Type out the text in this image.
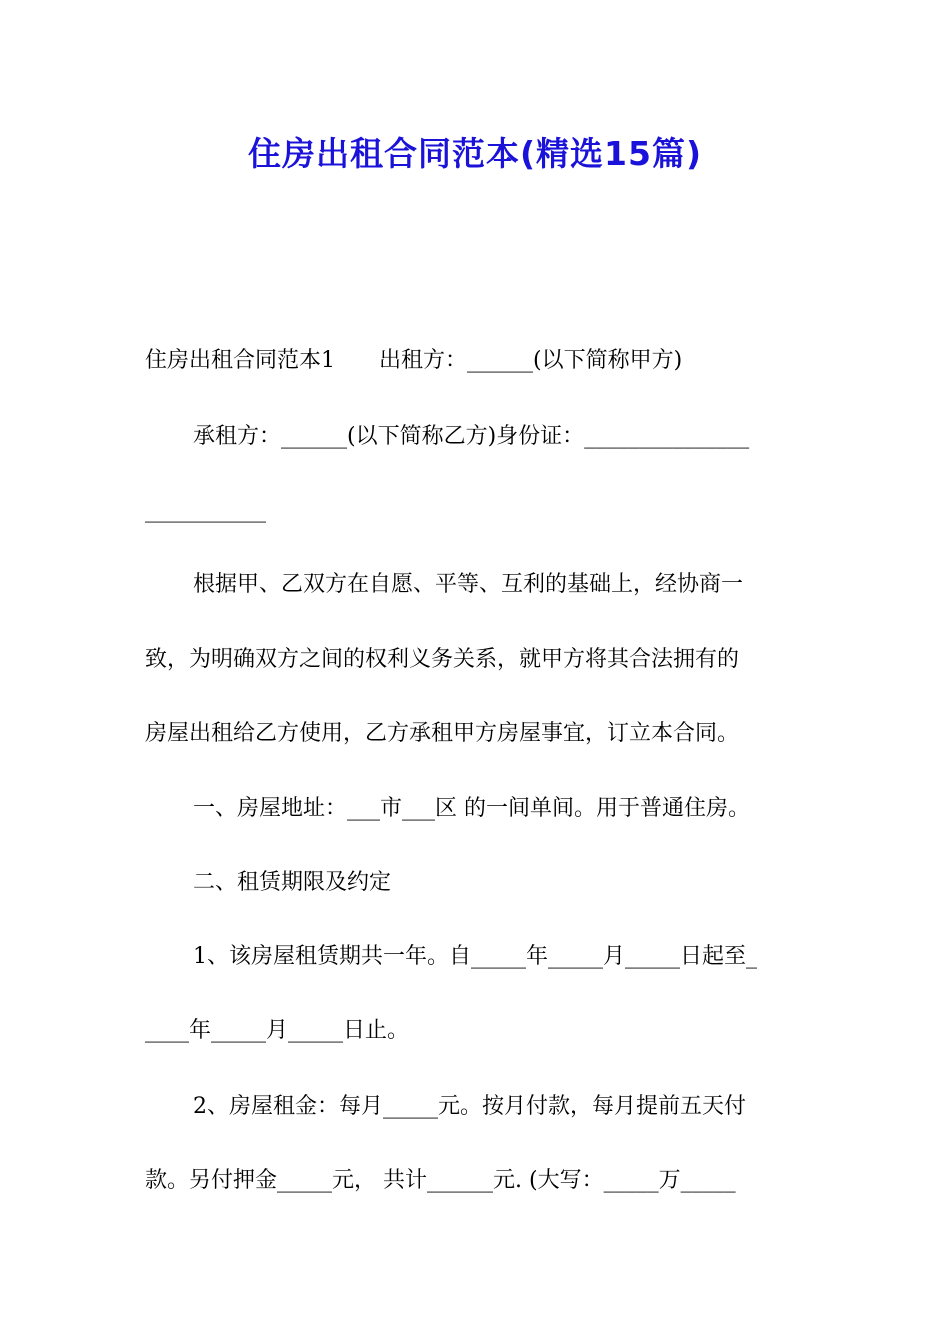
住房出租合同范本(精选15篇)
住房出租合同范本1　　出租方：______(以下简称甲方)
承租方：______(以下简称乙方)身份证：_______________
___________
根据甲、乙双方在自愿、平等、互利的基础上，经协商一
致，为明确双方之间的权利义务关系，就甲方将其合法拥有的
房屋出租给乙方使用，乙方承租甲方房屋事宜，订立本合同。
一、房屋地址：___市___区 的一间单间。用于普通住房。
二、租赁期限及约定
1、该房屋租赁期共一年。自_____年_____月_____日起至_
____年_____月_____日止。
2、房屋租金：每月_____元。按月付款，每月提前五天付
款。另付押金_____元， 共计______元. (大写：_____万_____
